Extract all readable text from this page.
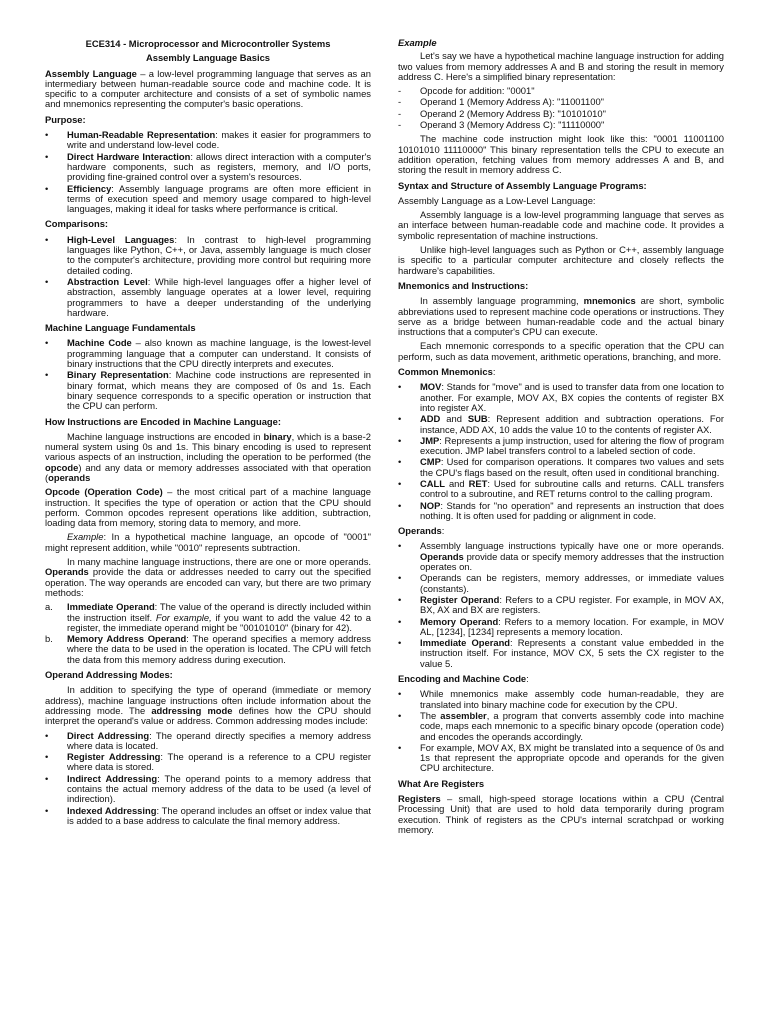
ECE314 - Microprocessor and Microcontroller Systems
Assembly Language Basics

Assembly Language – a low-level programming language that serves as an intermediary between human-readable source code and machine code. It is specific to a computer architecture and consists of a set of symbolic names and mnemonics representing the computer's basic operations.

Purpose:
•	Human-Readable Representation: makes it easier for programmers to write and understand low-level code.
•	Direct Hardware Interaction: allows direct interaction with a computer's hardware components, such as registers, memory, and I/O ports, providing fine-grained control over a system's resources.
•	Efficiency: Assembly language programs are often more efficient in terms of execution speed and memory usage compared to high-level languages, making it ideal for tasks where performance is critical.
Comparisons:
•	High-Level Languages: In contrast to high-level programming languages like Python, C++, or Java, assembly language is much closer to the computer's architecture, providing more control but requiring more detailed coding.
•	Abstraction Level: While high-level languages offer a higher level of abstraction, assembly language operates at a lower level, requiring programmers to have a deeper understanding of the underlying hardware.
Machine Language Fundamentals
•	Machine Code – also known as machine language, is the lowest-level programming language that a computer can understand. It consists of binary instructions that the CPU directly interprets and executes.
•	Binary Representation: Machine code instructions are represented in binary format, which means they are composed of 0s and 1s. Each binary sequence corresponds to a specific operation or instruction that the CPU can perform.
How Instructions are Encoded in Machine Language:

Machine language instructions are encoded in binary, which is a base-2 numeral system using 0s and 1s. This binary encoding is used to represent various aspects of an instruction, including the operation to be performed (the opcode) and any data or memory addresses associated with that operation (operands

Opcode (Operation Code) – the most critical part of a machine language instruction. It specifies the type of operation or action that the CPU should perform. Common opcodes represent operations like addition, subtraction, loading data from memory, storing data to memory, and more.

Example: In a hypothetical machine language, an opcode of "0001" might represent addition, while "0010" represents subtraction.

In many machine language instructions, there are one or more operands. Operands provide the data or addresses needed to carry out the specified operation. The way operands are encoded can vary, but there are two primary methods:

a.	Immediate Operand: The value of the operand is directly included within the instruction itself. For example, if you want to add the value 42 to a register, the immediate operand might be "00101010" (binary for 42).
b.	Memory Address Operand: The operand specifies a memory address where the data to be used in the operation is located. The CPU will fetch the data from this memory address during execution.
Operand Addressing Modes:

In addition to specifying the type of operand (immediate or memory address), machine language instructions often include information about the addressing mode. The addressing mode defines how the CPU should interpret the operand's value or address. Common addressing modes include:

•	Direct Addressing: The operand directly specifies a memory address where data is located.
•	Register Addressing: The operand is a reference to a CPU register where data is stored.
•	Indirect Addressing: The operand points to a memory address that contains the actual memory address of the data to be used (a level of indirection).
•	Indexed Addressing: The operand includes an offset or index value that is added to a base address to calculate the final memory address.
Example

Let's say we have a hypothetical machine language instruction for adding two values from memory addresses A and B and storing the result in memory address C. Here's a simplified binary representation:

-	Opcode for addition: "0001"
-	Operand 1 (Memory Address A): "11001100"
-	Operand 2 (Memory Address B): "10101010"
-	Operand 3 (Memory Address C): "11110000"

The machine code instruction might look like this: "0001 11001100 10101010 11110000" This binary representation tells the CPU to execute an addition operation, fetching values from memory addresses A and B, and storing the result in memory address C.

Syntax and Structure of Assembly Language Programs:

Assembly Language as a Low-Level Language:

Assembly language is a low-level programming language that serves as an interface between human-readable code and machine code. It provides a symbolic representation of machine instructions.

Unlike high-level languages such as Python or C++, assembly language is specific to a particular computer architecture and closely reflects the hardware's capabilities.

Mnemonics and Instructions:

In assembly language programming, mnemonics are short, symbolic abbreviations used to represent machine code operations or instructions. They serve as a bridge between human-readable code and the actual binary instructions that a computer's CPU can execute.

Each mnemonic corresponds to a specific operation that the CPU can perform, such as data movement, arithmetic operations, branching, and more.

Common Mnemonics:
•	MOV: Stands for "move" and is used to transfer data from one location to another. For example, MOV AX, BX copies the contents of register BX into register AX.
•	ADD and SUB: Represent addition and subtraction operations. For instance, ADD AX, 10 adds the value 10 to the contents of register AX.
•	JMP: Represents a jump instruction, used for altering the flow of program execution. JMP label transfers control to a labeled section of code.
•	CMP: Used for comparison operations. It compares two values and sets the CPU's flags based on the result, often used in conditional branching.
•	CALL and RET: Used for subroutine calls and returns. CALL transfers control to a subroutine, and RET returns control to the calling program.
•	NOP: Stands for "no operation" and represents an instruction that does nothing. It is often used for padding or alignment in code.
Operands:
•	Assembly language instructions typically have one or more operands. Operands provide data or specify memory addresses that the instruction operates on.
•	Operands can be registers, memory addresses, or immediate values (constants).
•	Register Operand: Refers to a CPU register. For example, in MOV AX, BX, AX and BX are registers.
•	Memory Operand: Refers to a memory location. For example, in MOV AL, [1234], [1234] represents a memory location.
•	Immediate Operand: Represents a constant value embedded in the instruction itself. For instance, MOV CX, 5 sets the CX register to the value 5.
Encoding and Machine Code:
•	While mnemonics make assembly code human-readable, they are translated into binary machine code for execution by the CPU.
•	The assembler, a program that converts assembly code into machine code, maps each mnemonic to a specific binary opcode (operation code) and encodes the operands accordingly.
•	For example, MOV AX, BX might be translated into a sequence of 0s and 1s that represent the appropriate opcode and operands for the given CPU architecture.
What Are Registers

Registers – small, high-speed storage locations within a CPU (Central Processing Unit) that are used to hold data temporarily during program execution. Think of registers as the CPU's internal scratchpad or working memory.
